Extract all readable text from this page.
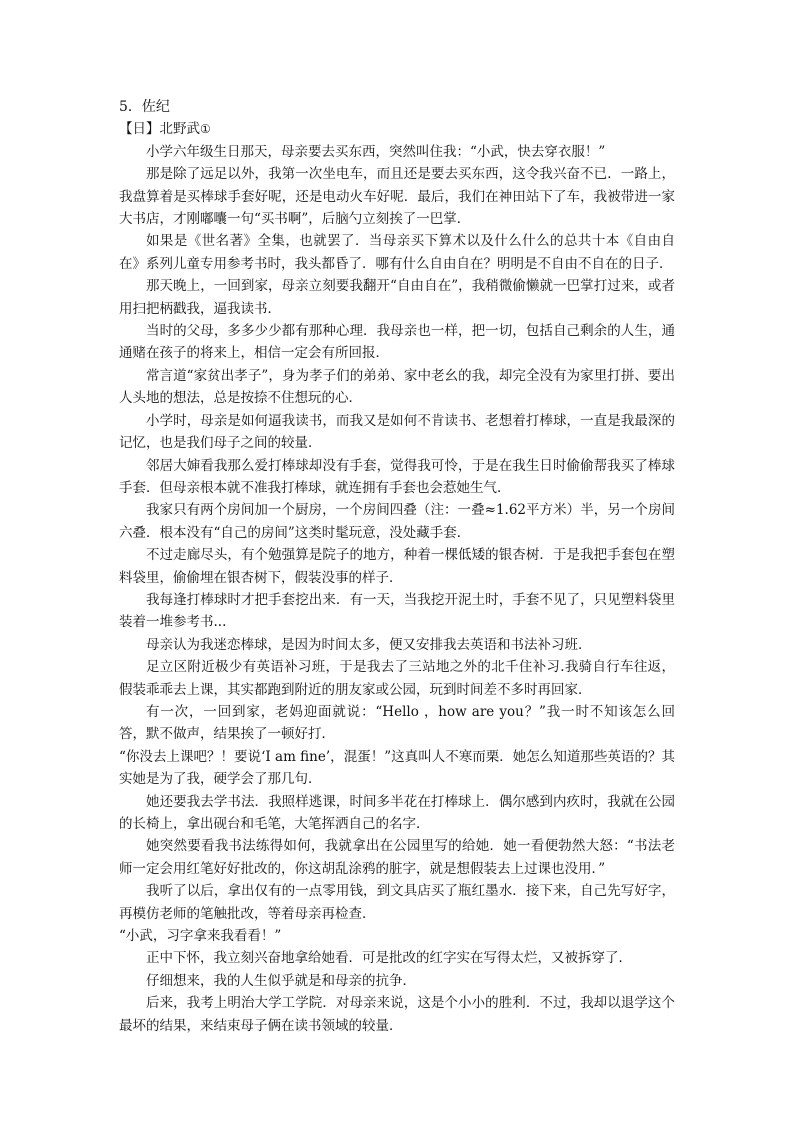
5．佐纪

【日】北野武①

小学六年级生日那天，母亲要去买东西，突然叫住我：“小武，快去穿衣服！”

那是除了远足以外，我第一次坐电车，而且还是要去买东西，这令我兴奋不已．一路上，我盘算着是买棒球手套好呢，还是电动火车好呢．最后，我们在神田站下了车，我被带进一家大书店，才刚嘟囔一句“买书啊”，后脑勺立刻挨了一巴掌．

如果是《世名著》全集，也就罢了．当母亲买下算术以及什么什么的总共十本《自由自在》系列儿童专用参考书时，我头都昏了．哪有什么自由自在？明明是不自由不自在的日子．

那天晚上，一回到家，母亲立刻要我翻开“自由自在”，我稍微偷懒就一巴掌打过来，或者用扫把柄戳我，逼我读书．

当时的父母，多多少少都有那种心理．我母亲也一样，把一切，包括自己剩余的人生，通通赌在孩子的将来上，相信一定会有所回报．

常言道“家贫出孝子”，身为孝子们的弟弟、家中老幺的我，却完全没有为家里打拼、要出人头地的想法，总是按捺不住想玩的心．

小学时，母亲是如何逼我读书，而我又是如何不肯读书、老想着打棒球，一直是我最深的记忆，也是我们母子之间的较量．

邻居大婶看我那么爱打棒球却没有手套，觉得我可怜，于是在我生日时偷偷帮我买了棒球手套．但母亲根本就不准我打棒球，就连拥有手套也会惹她生气．

我家只有两个房间加一个厨房，一个房间四叠（注：一叠≈1.62平方米）半，另一个房间六叠．根本没有“自己的房间”这类时髦玩意，没处藏手套．

不过走廊尽头，有个勉强算是院子的地方，种着一棵低矮的银杏树．于是我把手套包在塑料袋里，偷偷埋在银杏树下，假装没事的样子．

我每逢打棒球时才把手套挖出来．有一天，当我挖开泥土时，手套不见了，只见塑料袋里装着一堆参考书...

母亲认为我迷恋棒球，是因为时间太多，便又安排我去英语和书法补习班．

足立区附近极少有英语补习班，于是我去了三站地之外的北千住补习.我骑自行车往返，假装乖乖去上课，其实都跑到附近的朋友家或公园，玩到时间差不多时再回家．

有一次，一回到家，老妈迎面就说：“Hello ，how are you？”我一时不知该怎么回答，默不做声，结果挨了一顿好打．

“你没去上课吧？！要说‘I am fine’，混蛋！”这真叫人不寒而栗．她怎么知道那些英语的？其实她是为了我，硬学会了那几句．

她还要我去学书法．我照样逃课，时间多半花在打棒球上．偶尔感到内疚时，我就在公园的长椅上，拿出砚台和毛笔，大笔挥洒自己的名字．

她突然要看我书法练得如何，我就拿出在公园里写的给她．她一看便勃然大怒：“书法老师一定会用红笔好好批改的，你这胡乱涂鸦的脏字，就是想假装去上过课也没用．”

我听了以后，拿出仅有的一点零用钱，到文具店买了瓶红墨水．接下来，自己先写好字，再模仿老师的笔触批改，等着母亲再检查．

“小武，习字拿来我看看！”

正中下怀，我立刻兴奋地拿给她看．可是批改的红字实在写得太烂，又被拆穿了．

仔细想来，我的人生似乎就是和母亲的抗争．

后来，我考上明治大学工学院．对母亲来说，这是个小小的胜利．不过，我却以退学这个最坏的结果，来结束母子俩在读书领域的较量．
